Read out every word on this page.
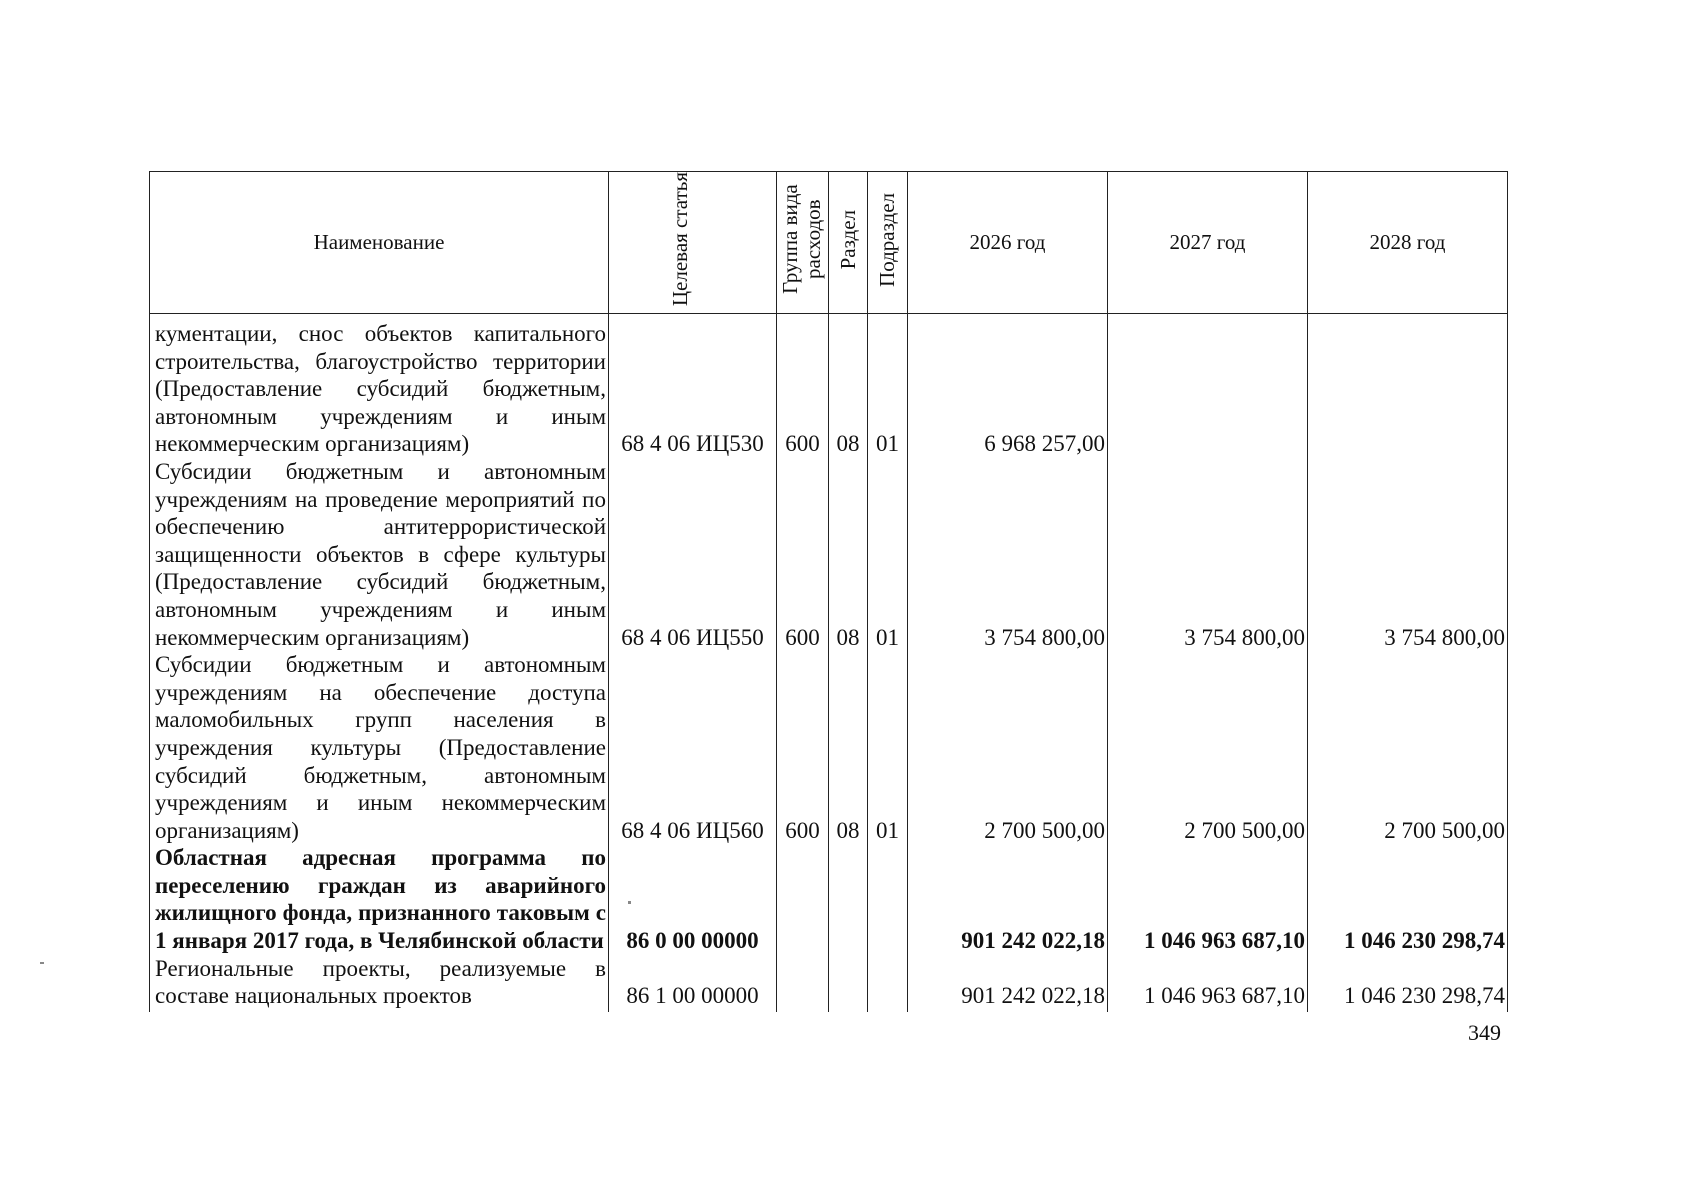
Наименование	Целевая статья	Группа вида расходов	Раздел	Подраздел	2026 год	2027 год	2028 год
кументации, снос объектов капитального строительства, благоустройство территории (Предоставление субсидий бюджетным, автономным учреждениям и иным некоммерческим организациям)	68 4 06 ИЦ530	600	08	01	6 968 257,00		
Субсидии бюджетным и автономным учреждениям на проведение мероприятий по обеспечению антитеррористической защищенности объектов в сфере культуры (Предоставление субсидий бюджетным, автономным учреждениям и иным некоммерческим организациям)	68 4 06 ИЦ550	600	08	01	3 754 800,00	3 754 800,00	3 754 800,00
Субсидии бюджетным и автономным учреждениям на обеспечение доступа маломобильных групп населения в учреждения культуры (Предоставление субсидий бюджетным, автономным учреждениям и иным некоммерческим организациям)	68 4 06 ИЦ560	600	08	01	2 700 500,00	2 700 500,00	2 700 500,00
Областная адресная программа по переселению граждан из аварийного жилищного фонда, признанного таковым с 1 января 2017 года, в Челябинской области	86 0 00 00000				901 242 022,18	1 046 963 687,10	1 046 230 298,74
Региональные проекты, реализуемые в составе национальных проектов	86 1 00 00000				901 242 022,18	1 046 963 687,10	1 046 230 298,74
349
